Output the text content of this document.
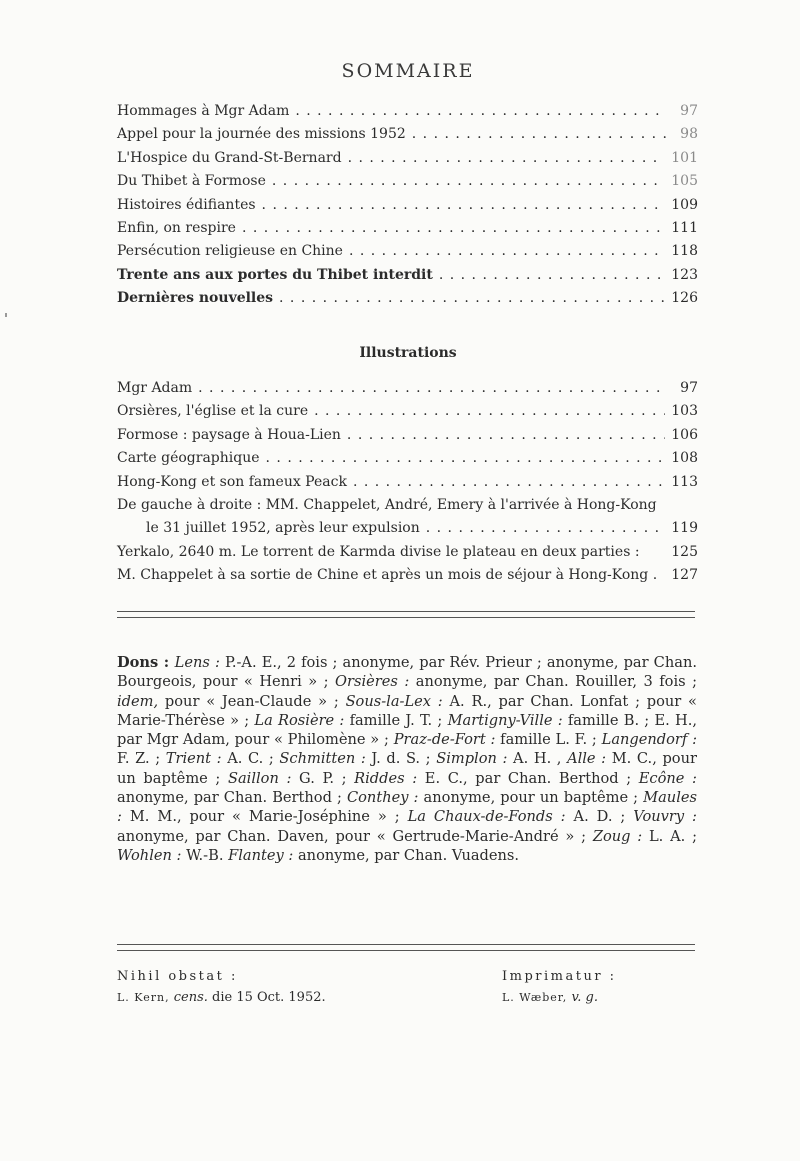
SOMMAIRE
Hommages à Mgr Adam . . .	97
Appel pour la journée des missions 1952 . . .	98
L'Hospice du Grand-St-Bernard . . .	101
Du Thibet à Formose . . .	105
Histoires édifiantes . . .	109
Enfin, on respire . . .	111
Persécution religieuse en Chine . . .	118
Trente ans aux portes du Thibet interdit . . .	123
Dernières nouvelles . . .	126
Illustrations
Mgr Adam . . .	97
Orsières, l'église et la cure . . .	103
Formose : paysage à Houa-Lien . . .	106
Carte géographique . . .	108
Hong-Kong et son fameux Peack . . .	113
De gauche à droite : MM. Chappelet, André, Emery à l'arrivée à Hong-Kong
le 31 juillet 1952, après leur expulsion . . .	119
Yerkalo, 2640 m. Le torrent de Karmda divise le plateau en deux parties : 125
M. Chappelet à sa sortie de Chine et après un mois de séjour à Hong-Kong . 127
Dons : Lens : P.-A. E., 2 fois ; anonyme, par Rév. Prieur ; anonyme, par Chan. Bourgeois, pour « Henri » ; Orsières : anonyme, par Chan. Rouiller, 3 fois ; idem, pour « Jean-Claude » ; Sous-la-Lex : A. R., par Chan. Lonfat ; pour « Marie-Thérèse » ; La Rosière : famille J. T. ; Martigny-Ville : famille B. ; E. H., par Mgr Adam, pour « Philomène » ; Praz-de-Fort : famille L. F. ; Langendorf : F. Z. ; Trient : A. C. ; Schmitten : J. d. S. ; Simplon : A. H. , Alle : M. C., pour un baptême ; Saillon : G. P. ; Riddes : E. C., par Chan. Berthod ; Ecône : anonyme, par Chan. Berthod ; Conthey : anonyme, pour un baptême ; Maules : M. M., pour « Marie-Joséphine » ; La Chaux-de-Fonds : A. D. ; Vouvry : anonyme, par Chan. Daven, pour « Gertrude-Marie-André » ; Zoug : L. A. ; Wohlen : W.-B. Flantey : anonyme, par Chan. Vuadens.
Nihil obstat :
L. Kern, cens. die 15 Oct. 1952.
Imprimatur :
L. Wæber, v. g.
